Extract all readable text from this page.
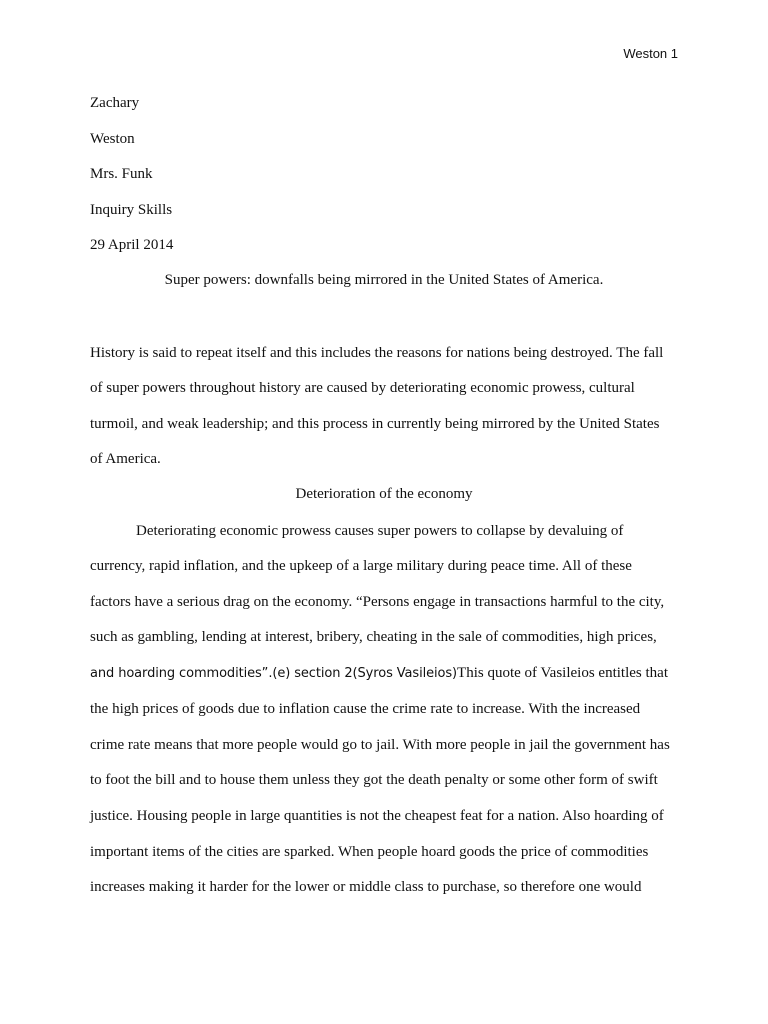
Weston 1
Zachary
Weston
Mrs. Funk
Inquiry Skills
29 April 2014
Super powers: downfalls being mirrored in the United States of America.
History is said to repeat itself and this includes the reasons for nations being destroyed. The fall
of super powers throughout history are caused by deteriorating economic prowess, cultural
turmoil, and weak leadership; and this process in currently being mirrored by the United States
of America.
Deterioration of the economy
Deteriorating economic prowess causes super powers to collapse by devaluing of
currency, rapid inflation, and the upkeep of a large military during peace time. All of these
factors have a serious drag on the economy. “Persons engage in transactions harmful to the city,
such as gambling, lending at interest, bribery, cheating in the sale of commodities, high prices,
and hoarding commodities”.(e) section 2(Syros Vasileios)This quote of Vasileios entitles that
the high prices of goods due to inflation cause the crime rate to increase. With the increased
crime rate means that more people would go to jail. With more people in jail the government has
to foot the bill and to house them unless they got the death penalty or some other form of swift
justice. Housing people in large quantities is not the cheapest feat for a nation. Also hoarding of
important items of the cities are sparked. When people hoard goods the price of commodities
increases making it harder for the lower or middle class to purchase, so therefore one would
